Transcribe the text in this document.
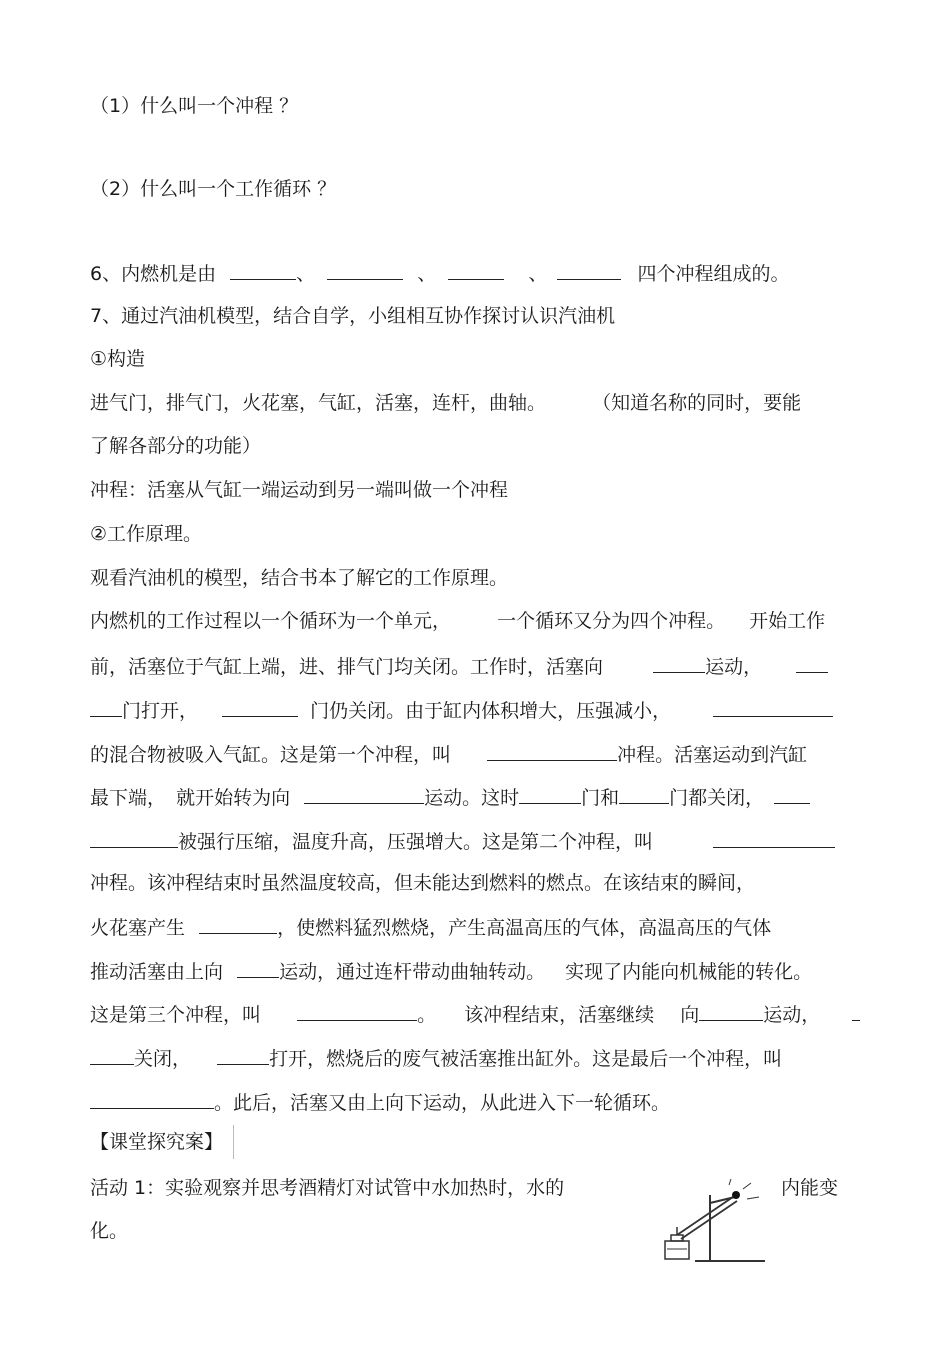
（1）什么叫一个冲程 ？
（2）什么叫一个工作循环 ？
6、内燃机是由	、	、	、	四个冲程组成的。
7、通过汽油机模型，结合自学，小组相互协作探讨认识汽油机
①构造
进气门，排气门，火花塞，气缸，活塞，连杆，曲轴。 （知道名称的同时，要能
了解各部分的功能）
冲程：活塞从气缸一端运动到另一端叫做一个冲程
②工作原理。
观看汽油机的模型，结合书本了解它的工作原理。
内燃机的工作过程以一个循环为一个单元， 一个循环又分为四个冲程。 开始工作
前，活塞位于气缸上端，进、排气门均关闭。工作时，活塞向	运动，
门打开，	门仍关闭。由于缸内体积增大，压强减小，
的混合物被吸入气缸。这是第一个冲程，叫	冲程。活塞运动到汽缸
最下端， 就开始转为向	运动。这时	门和	门都关闭，
被强行压缩，温度升高，压强增大。这是第二个冲程，叫
冲程。该冲程结束时虽然温度较高，但未能达到燃料的燃点。在该结束的瞬间，
火花塞产生	，使燃料猛烈燃烧，产生高温高压的气体，高温高压的气体
推动活塞由上向	运动，通过连杆带动曲轴转动。 实现了内能向机械能的转化。
这是第三个冲程，叫	。 该冲程结束，活塞继续 向	运动，
关闭，	打开，燃烧后的废气被活塞推出缸外。这是最后一个冲程，叫
。此后，活塞又由上向下运动，从此进入下一轮循环。
【课堂探究案】
活动 1：实验观察并思考酒精灯对试管中水加热时，水的	内能变
化。
